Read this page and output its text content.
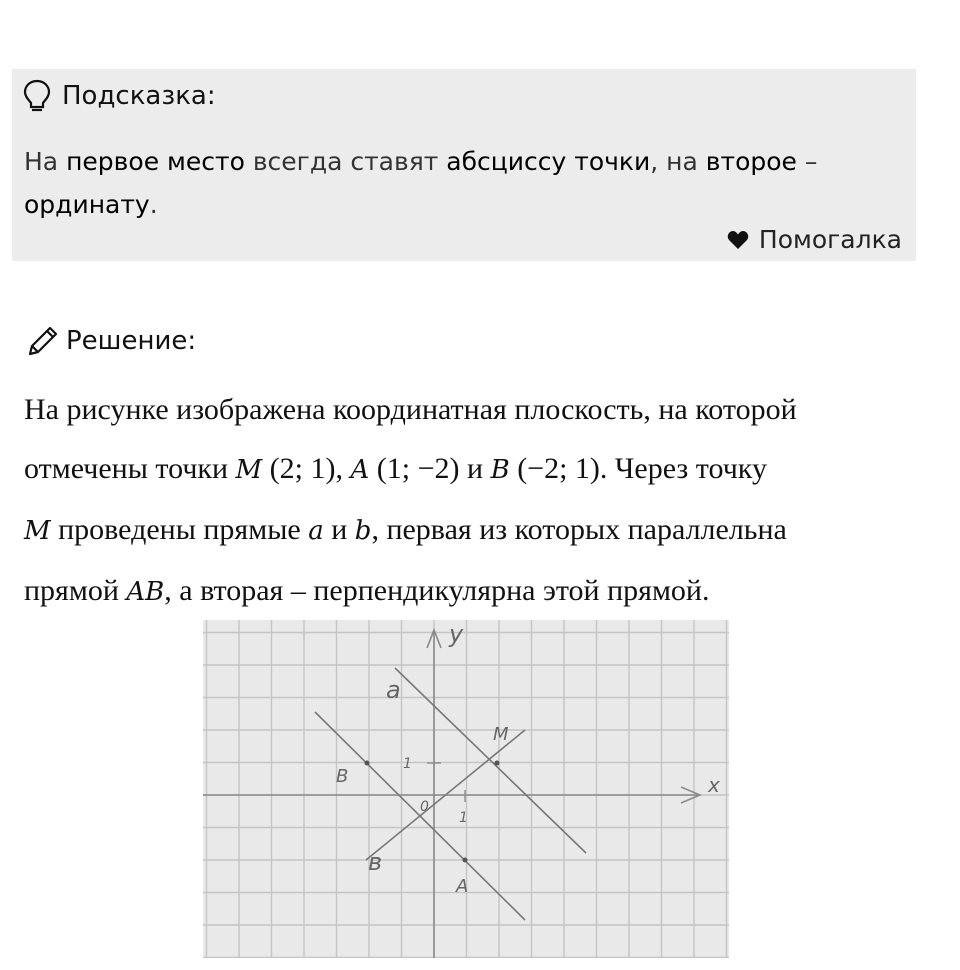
Подсказка:
На первое место всегда ставят абсциссу точки, на второе –
ординату.
Помогалка
Решение:
На рисунке изображена координатная плоскость, на которой
отмечены точки M (2; 1), A (1; −2) и B (−2; 1). Через точку
M проведены прямые a и b, первая из которых параллельна
прямой AB, а вторая – перпендикулярна этой прямой.
x
y
0
1
1
M
A
B
a
в
